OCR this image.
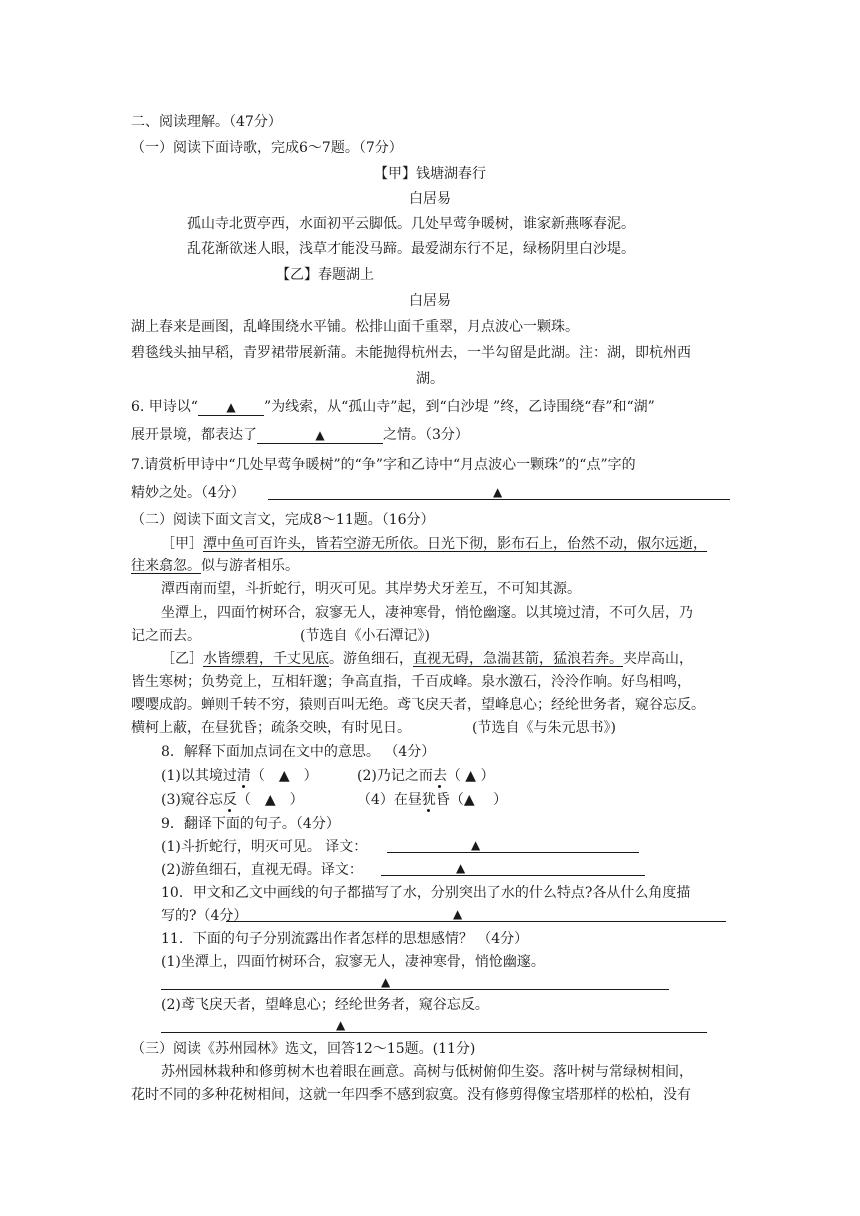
二、阅读理解。（47分）
（一）阅读下面诗歌，完成6～7题。（7分）
【甲】钱塘湖春行
白居易
孤山寺北贾亭西，水面初平云脚低。几处早莺争暖树，谁家新燕啄春泥。
乱花渐欲迷人眼，浅草才能没马蹄。最爱湖东行不足，绿杨阴里白沙堤。
【乙】春题湖上
白居易
湖上春来是画图，乱峰围绕水平铺。松排山面千重翠，月点波心一颗珠。
碧毯线头抽早稻，青罗裙带展新蒲。未能抛得杭州去，一半勾留是此湖。注：湖，即杭州西
湖。
6. 甲诗以“ ▲ ”为线索，从“孤山寺”起，到“白沙堤 ”终，乙诗围绕“春”和“湖”
展开景境，都表达了	▲	之情。（3分）
7.请赏析甲诗中“几处早莺争暖树”的“争”字和乙诗中“月点波心一颗珠”的“点”字的
精妙之处。（4分）	▲
（二）阅读下面文言文，完成8～11题。（16分）
［甲］潭中鱼可百许头，皆若空游无所依。日光下彻，影布石上，佁然不动，俶尔远逝，
往来翕忽。似与游者相乐。
潭西南而望，斗折蛇行，明灭可见。其岸势犬牙差互，不可知其源。
坐潭上，四面竹树环合，寂寥无人，凄神寒骨，悄怆幽邃。以其境过清，不可久居，乃
记之而去。	(节选自《小石潭记》)
［乙］水皆缥碧，千丈见底。游鱼细石，直视无碍，急湍甚箭，猛浪若奔。夹岸高山，
皆生寒树；负势竞上，互相轩邈；争高直指，千百成峰。泉水激石，泠泠作响。好鸟相鸣，
嘤嘤成韵。蝉则千转不穷，猿则百叫无绝。鸢飞戾天者，望峰息心；经纶世务者，窥谷忘反。
横柯上蔽，在昼犹昏；疏条交映，有时见日。	(节选自《与朱元思书》)
8．解释下面加点词在文中的意思。 （4分）
(1)以其境过清（　▲　）	(2)乃记之而去（ ▲ ）
(3)窥谷忘反（　▲　）	（4）在昼犹昏（▲　 ）
9．翻译下面的句子。（4分）
(1)斗折蛇行，明灭可见。 译文：	▲
(2)游鱼细石，直视无碍。译文：	▲
10．甲文和乙文中画线的句子都描写了水，分别突出了水的什么特点?各从什么角度描
写的?（4分）	▲
11．下面的句子分别流露出作者怎样的思想感情？ （4分）
(1)坐潭上，四面竹树环合，寂寥无人，凄神寒骨，悄怆幽邃。
▲
(2)鸢飞戾天者，望峰息心；经纶世务者，窥谷忘反。
▲
（三）阅读《苏州园林》选文，回答12～15题。(11分)
苏州园林栽种和修剪树木也着眼在画意。高树与低树俯仰生姿。落叶树与常绿树相间，
花时不同的多种花树相间，这就一年四季不感到寂寞。没有修剪得像宝塔那样的松柏，没有
